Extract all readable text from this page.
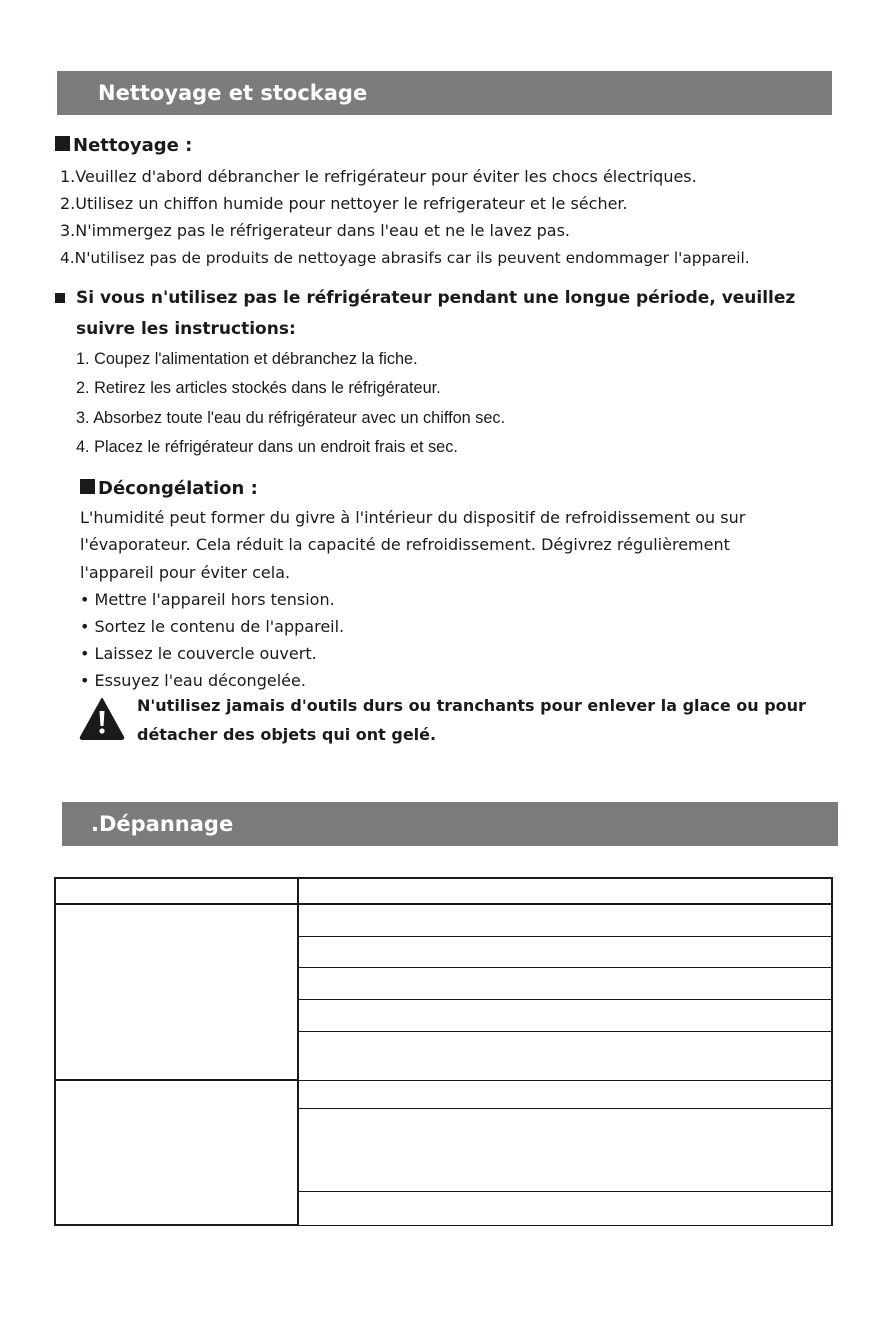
Nettoyage et stockage
Nettoyage :
1.Veuillez d'abord débrancher le refrigérateur pour éviter les chocs électriques.
2.Utilisez un chiffon humide pour nettoyer le refrigerateur et le sécher.
3.N'immergez pas le réfrigerateur dans l'eau et ne le lavez pas.
4.N'utilisez pas de produits de nettoyage abrasifs car ils peuvent endommager l'appareil.
Si vous n'utilisez pas le réfrigérateur pendant une longue période, veuillez
suivre les instructions:
1. Coupez l'alimentation et débranchez la fiche.
2. Retirez les articles stockés dans le réfrigérateur.
3. Absorbez toute l'eau du réfrigérateur avec un chiffon sec.
4. Placez le réfrigérateur dans un endroit frais et sec.
Décongélation :
L'humidité peut former du givre à l'intérieur du dispositif de refroidissement ou sur
l'évaporateur. Cela réduit la capacité de refroidissement. Dégivrez régulièrement
l'appareil pour éviter cela.
• Mettre l'appareil hors tension.
• Sortez le contenu de l'appareil.
• Laissez le couvercle ouvert.
• Essuyez l'eau décongelée.
N'utilisez jamais d'outils durs ou tranchants pour enlever la glace ou pour
détacher des objets qui ont gelé.
.Dépannage
